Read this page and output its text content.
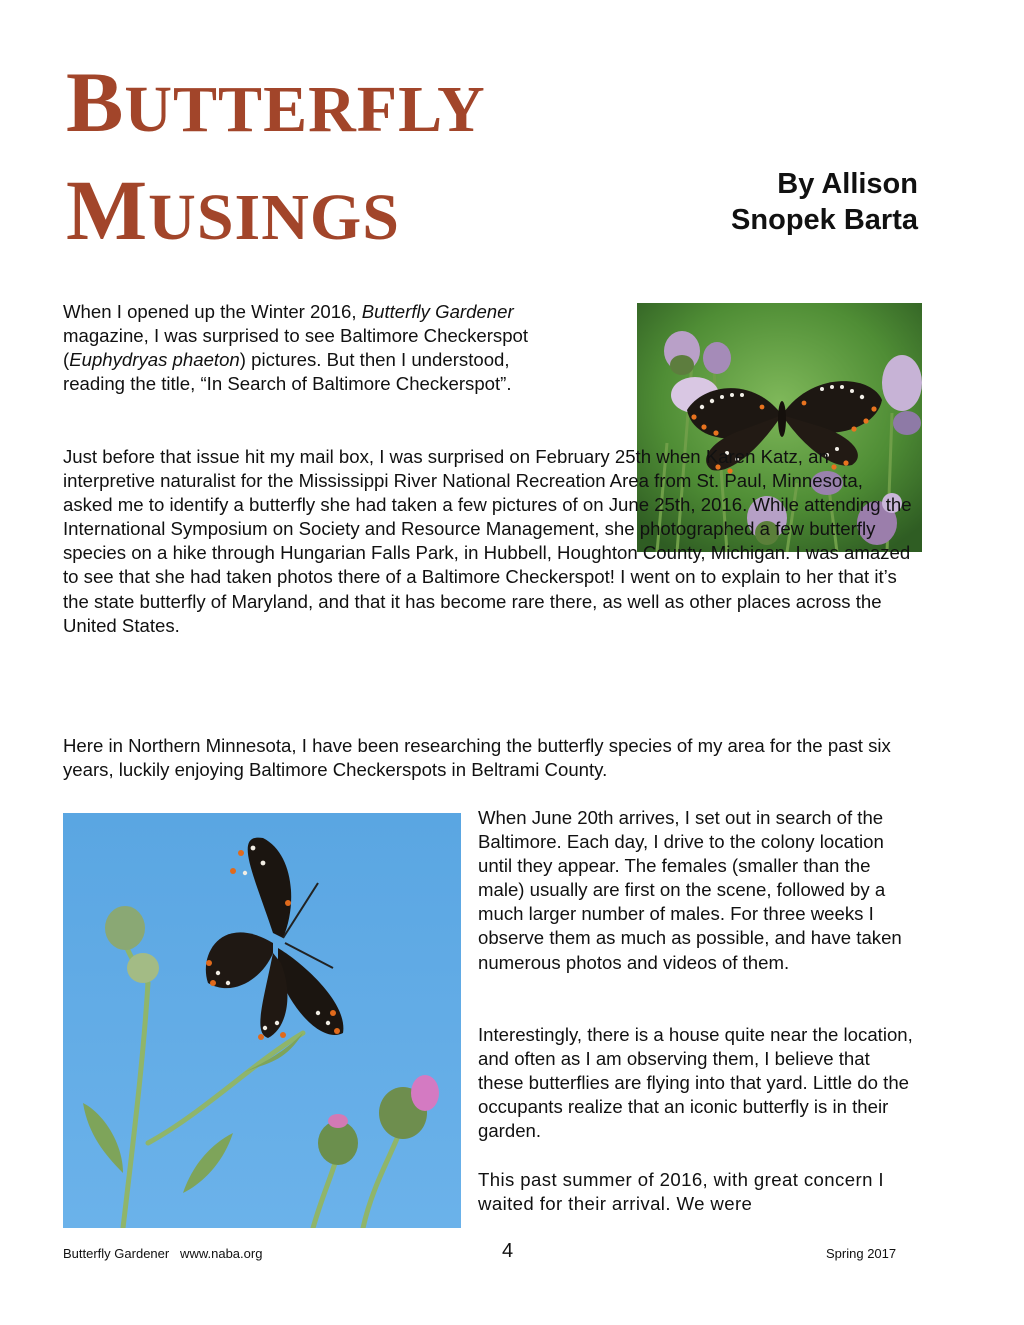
BUTTERFLY
MUSINGS	By Allison
Snopek Barta

When I opened up the Winter 2016, Butterfly Gardener magazine, I was surprised to see Baltimore Checkerspot (Euphydryas phaeton) pictures. But then I understood, reading the title, “In Search of Baltimore Checkerspot”.

Just before that issue hit my mail box, I was surprised on February 25th when Karen Katz, an interpretive naturalist for the Mississippi River National Recreation Area from St. Paul, Minnesota, asked me to identify a butterfly she had taken a few pictures of on June 25th, 2016. While attending the International Symposium on Society and Resource Management, she photographed a few butterfly species on a hike through Hungarian Falls Park, in Hubbell, Houghton County, Michigan. I was amazed to see that she had taken photos there of a Baltimore Checkerspot! I went on to explain to her that it’s the state butterfly of Maryland, and that it has become rare there, as well as other places across the United States.

Here in Northern Minnesota, I have been researching the butterfly species of my area for the past six years, luckily enjoying Baltimore Checkerspots in Beltrami County.

When June 20th arrives, I set out in search of the Baltimore. Each day, I drive to the colony location until they appear. The females (smaller than the male) usually are first on the scene, followed by a much larger number of males. For three weeks I observe them as much as possible, and have taken numerous photos and videos of them.

Interestingly, there is a house quite near the location, and often as I am observing them, I believe that these butterflies are flying into that yard. Little do the occupants realize that an iconic butterfly is in their garden.

This past summer of 2016, with great concern I waited for their arrival. We were

Butterfly Gardener   www.naba.org	4	Spring 2017
